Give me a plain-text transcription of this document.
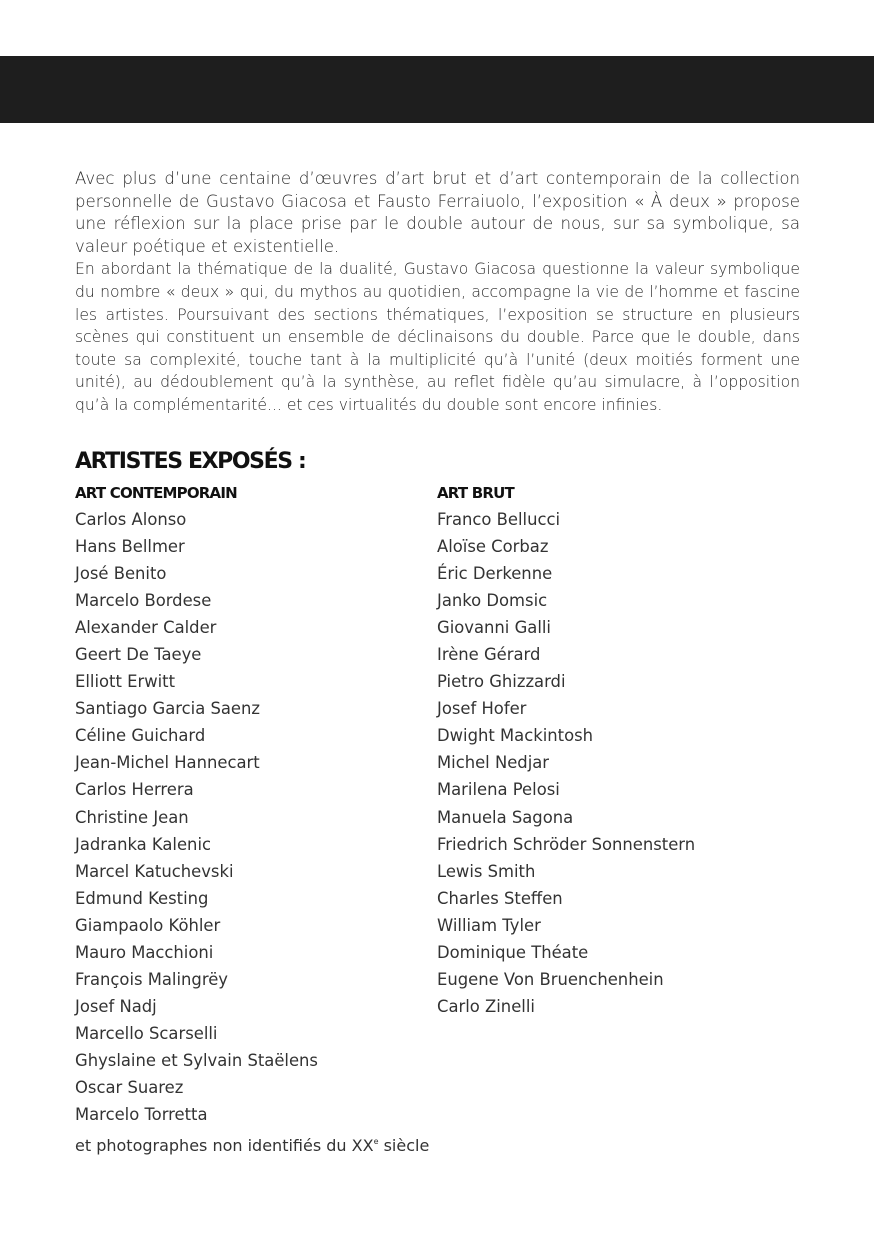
Avec plus d’une centaine d’œuvres d’art brut et d’art contemporain de la collection personnelle de Gustavo Giacosa et Fausto Ferraiuolo, l’exposition « À deux » propose une réflexion sur la place prise par le double autour de nous, sur sa symbolique, sa valeur poétique et existentielle.

En abordant la thématique de la dualité, Gustavo Giacosa questionne la valeur symbolique du nombre « deux » qui, du mythos au quotidien, accompagne la vie de l’homme et fascine les artistes. Poursuivant des sections thématiques, l’exposition se structure en plusieurs scènes qui constituent un ensemble de déclinaisons du double. Parce que le double, dans toute sa complexité, touche tant à la multiplicité qu’à l’unité (deux moitiés forment une unité), au dédoublement qu’à la synthèse, au reflet fidèle qu’au simulacre, à l’opposition qu’à la complémentarité... et ces virtualités du double sont encore infinies.

ARTISTES EXPOSÉS :
ART CONTEMPORAIN
Carlos Alonso
Hans Bellmer
José Benito
Marcelo Bordese
Alexander Calder
Geert De Taeye
Elliott Erwitt
Santiago Garcia Saenz
Céline Guichard
Jean-Michel Hannecart
Carlos Herrera
Christine Jean
Jadranka Kalenic
Marcel Katuchevski
Edmund Kesting
Giampaolo Köhler
Mauro Macchioni
François Malingrëy
Josef Nadj
Marcello Scarselli
Ghyslaine et Sylvain Staëlens
Oscar Suarez
Marcelo Torretta
et photographes non identifiés du XXe siècle
ART BRUT
Franco Bellucci
Aloïse Corbaz
Éric Derkenne
Janko Domsic
Giovanni Galli
Irène Gérard
Pietro Ghizzardi
Josef Hofer
Dwight Mackintosh
Michel Nedjar
Marilena Pelosi
Manuela Sagona
Friedrich Schröder Sonnenstern
Lewis Smith
Charles Steffen
William Tyler
Dominique Théate
Eugene Von Bruenchenhein
Carlo Zinelli
